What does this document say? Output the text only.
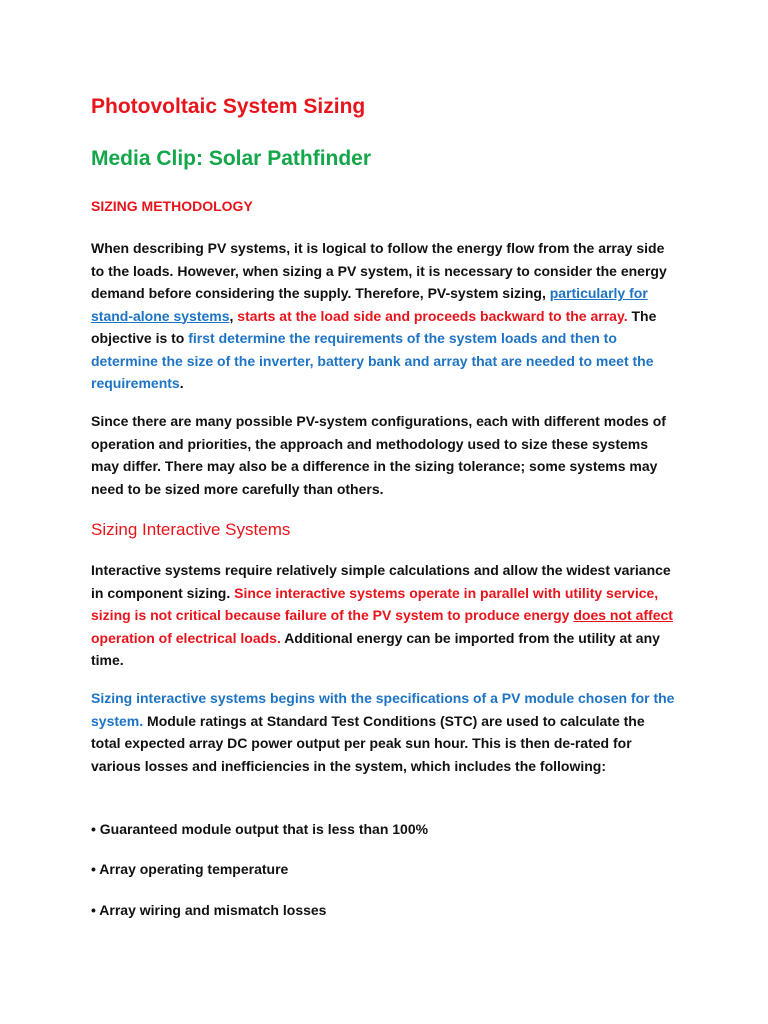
Photovoltaic System Sizing
Media Clip: Solar Pathfinder
SIZING METHODOLOGY

When describing PV systems, it is logical to follow the energy flow from the array side to the loads. However, when sizing a PV system, it is necessary to consider the energy demand before considering the supply. Therefore, PV-system sizing, particularly for stand-alone systems, starts at the load side and proceeds backward to the array. The objective is to first determine the requirements of the system loads and then to determine the size of the inverter, battery bank and array that are needed to meet the requirements.

Since there are many possible PV-system configurations, each with different modes of operation and priorities, the approach and methodology used to size these systems may differ. There may also be a difference in the sizing tolerance; some systems may need to be sized more carefully than others.

Sizing Interactive Systems

Interactive systems require relatively simple calculations and allow the widest variance in component sizing. Since interactive systems operate in parallel with utility service, sizing is not critical because failure of the PV system to produce energy does not affect operation of electrical loads. Additional energy can be imported from the utility at any time.

Sizing interactive systems begins with the specifications of a PV module chosen for the system. Module ratings at Standard Test Conditions (STC) are used to calculate the total expected array DC power output per peak sun hour. This is then de-rated for various losses and inefficiencies in the system, which includes the following:

• Guaranteed module output that is less than 100%
• Array operating temperature
• Array wiring and mismatch losses
